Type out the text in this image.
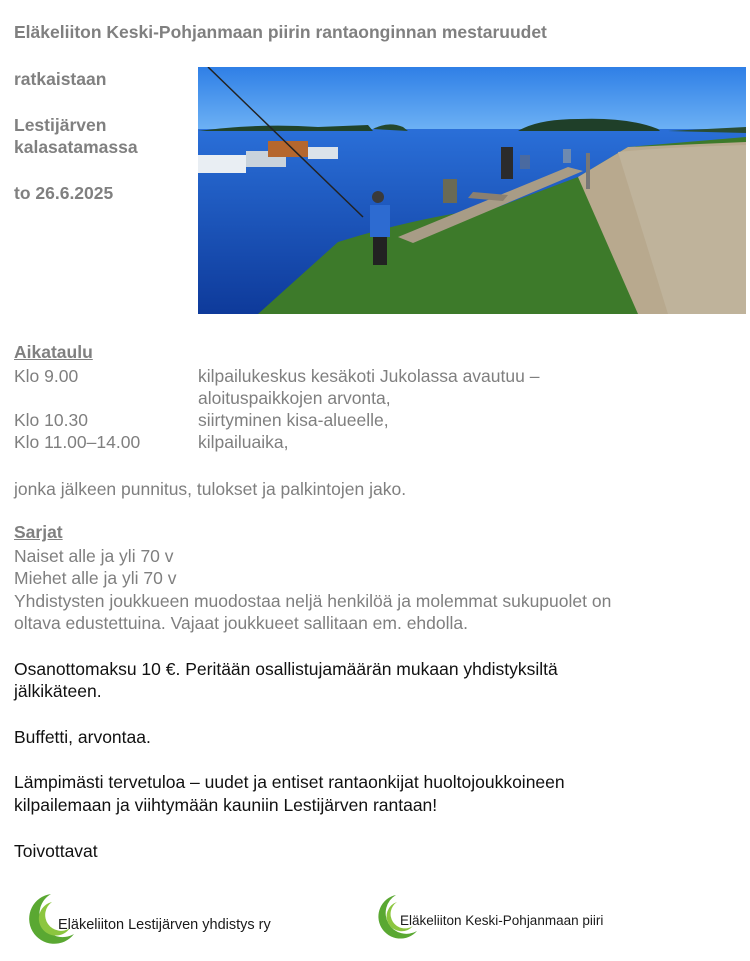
Eläkeliiton Keski-Pohjanmaan piirin rantaonginnan mestaruudet
ratkaistaan
Lestijärven
kalasatamassa
to 26.6.2025
Aikataulu
Klo 9.00	kilpailukeskus kesäkoti Jukolassa avautuu –
aloituspaikkojen arvonta,
Klo 10.30	siirtyminen kisa-alueelle,
Klo 11.00–14.00	kilpailuaika,
jonka jälkeen punnitus, tulokset ja palkintojen jako.
Sarjat
Naiset alle ja yli 70 v
Miehet alle ja yli 70 v
Yhdistysten joukkueen muodostaa neljä henkilöä ja molemmat sukupuolet on
oltava edustettuina. Vajaat joukkueet sallitaan em. ehdolla.
Osanottomaksu 10 €. Peritään osallistujamäärän mukaan yhdistyksiltä
jälkikäteen.
Buffetti, arvontaa.
Lämpimästi tervetuloa – uudet ja entiset rantaonkijat huoltojoukkoineen
kilpailemaan ja viihtymään kauniin Lestijärven rantaan!
Toivottavat
Eläkeliiton Lestijärven yhdistys ry	Eläkeliiton Keski-Pohjanmaan piiri
